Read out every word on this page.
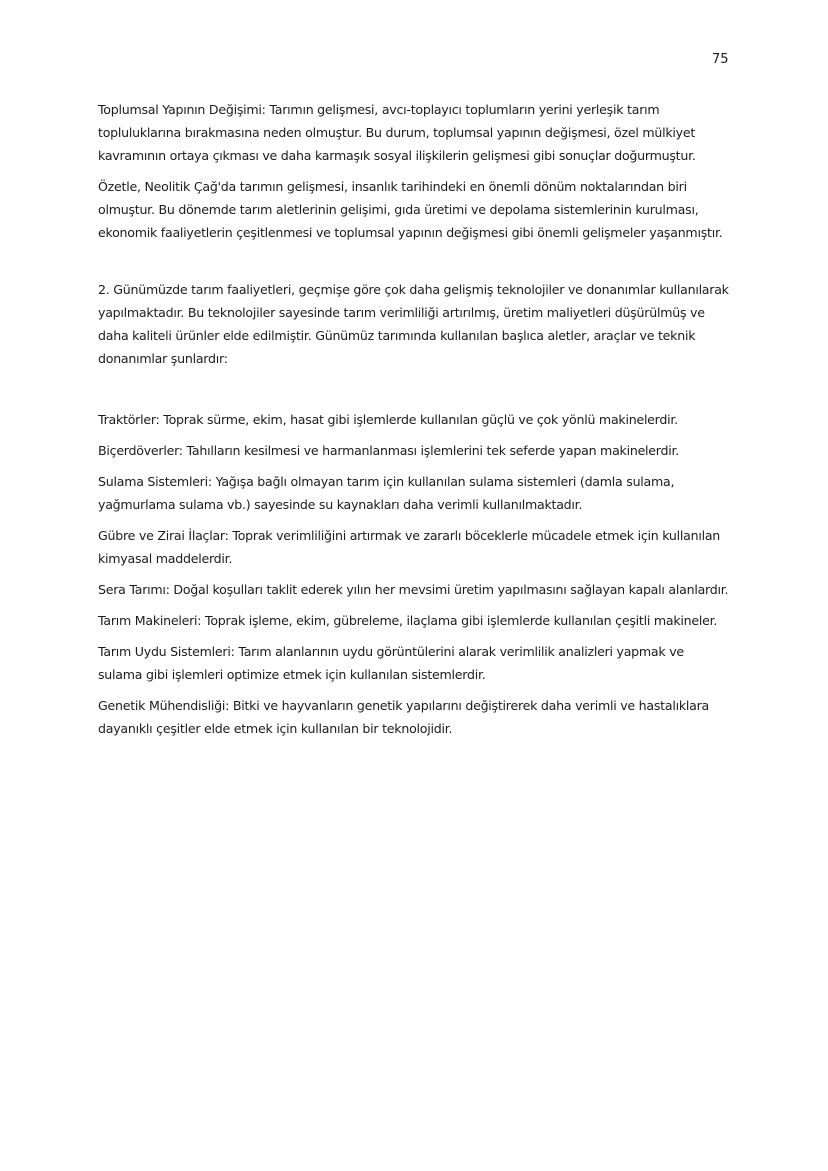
75

Toplumsal Yapının Değişimi: Tarımın gelişmesi, avcı-toplayıcı toplumların yerini yerleşik tarım topluluklarına bırakmasına neden olmuştur. Bu durum, toplumsal yapının değişmesi, özel mülkiyet kavramının ortaya çıkması ve daha karmaşık sosyal ilişkilerin gelişmesi gibi sonuçlar doğurmuştur.

Özetle, Neolitik Çağ'da tarımın gelişmesi, insanlık tarihindeki en önemli dönüm noktalarından biri olmuştur. Bu dönemde tarım aletlerinin gelişimi, gıda üretimi ve depolama sistemlerinin kurulması, ekonomik faaliyetlerin çeşitlenmesi ve toplumsal yapının değişmesi gibi önemli gelişmeler yaşanmıştır.

2. Günümüzde tarım faaliyetleri, geçmişe göre çok daha gelişmiş teknolojiler ve donanımlar kullanılarak yapılmaktadır. Bu teknolojiler sayesinde tarım verimliliği artırılmış, üretim maliyetleri düşürülmüş ve daha kaliteli ürünler elde edilmiştir. Günümüz tarımında kullanılan başlıca aletler, araçlar ve teknik donanımlar şunlardır:

Traktörler: Toprak sürme, ekim, hasat gibi işlemlerde kullanılan güçlü ve çok yönlü makinelerdir.

Biçerdöverler: Tahılların kesilmesi ve harmanlanması işlemlerini tek seferde yapan makinelerdir.

Sulama Sistemleri: Yağışa bağlı olmayan tarım için kullanılan sulama sistemleri (damla sulama, yağmurlama sulama vb.) sayesinde su kaynakları daha verimli kullanılmaktadır.

Gübre ve Zirai İlaçlar: Toprak verimliliğini artırmak ve zararlı böceklerle mücadele etmek için kullanılan kimyasal maddelerdir.

Sera Tarımı: Doğal koşulları taklit ederek yılın her mevsimi üretim yapılmasını sağlayan kapalı alanlardır.

Tarım Makineleri: Toprak işleme, ekim, gübreleme, ilaçlama gibi işlemlerde kullanılan çeşitli makineler.

Tarım Uydu Sistemleri: Tarım alanlarının uydu görüntülerini alarak verimlilik analizleri yapmak ve sulama gibi işlemleri optimize etmek için kullanılan sistemlerdir.

Genetik Mühendisliği: Bitki ve hayvanların genetik yapılarını değiştirerek daha verimli ve hastalıklara dayanıklı çeşitler elde etmek için kullanılan bir teknolojidir.
